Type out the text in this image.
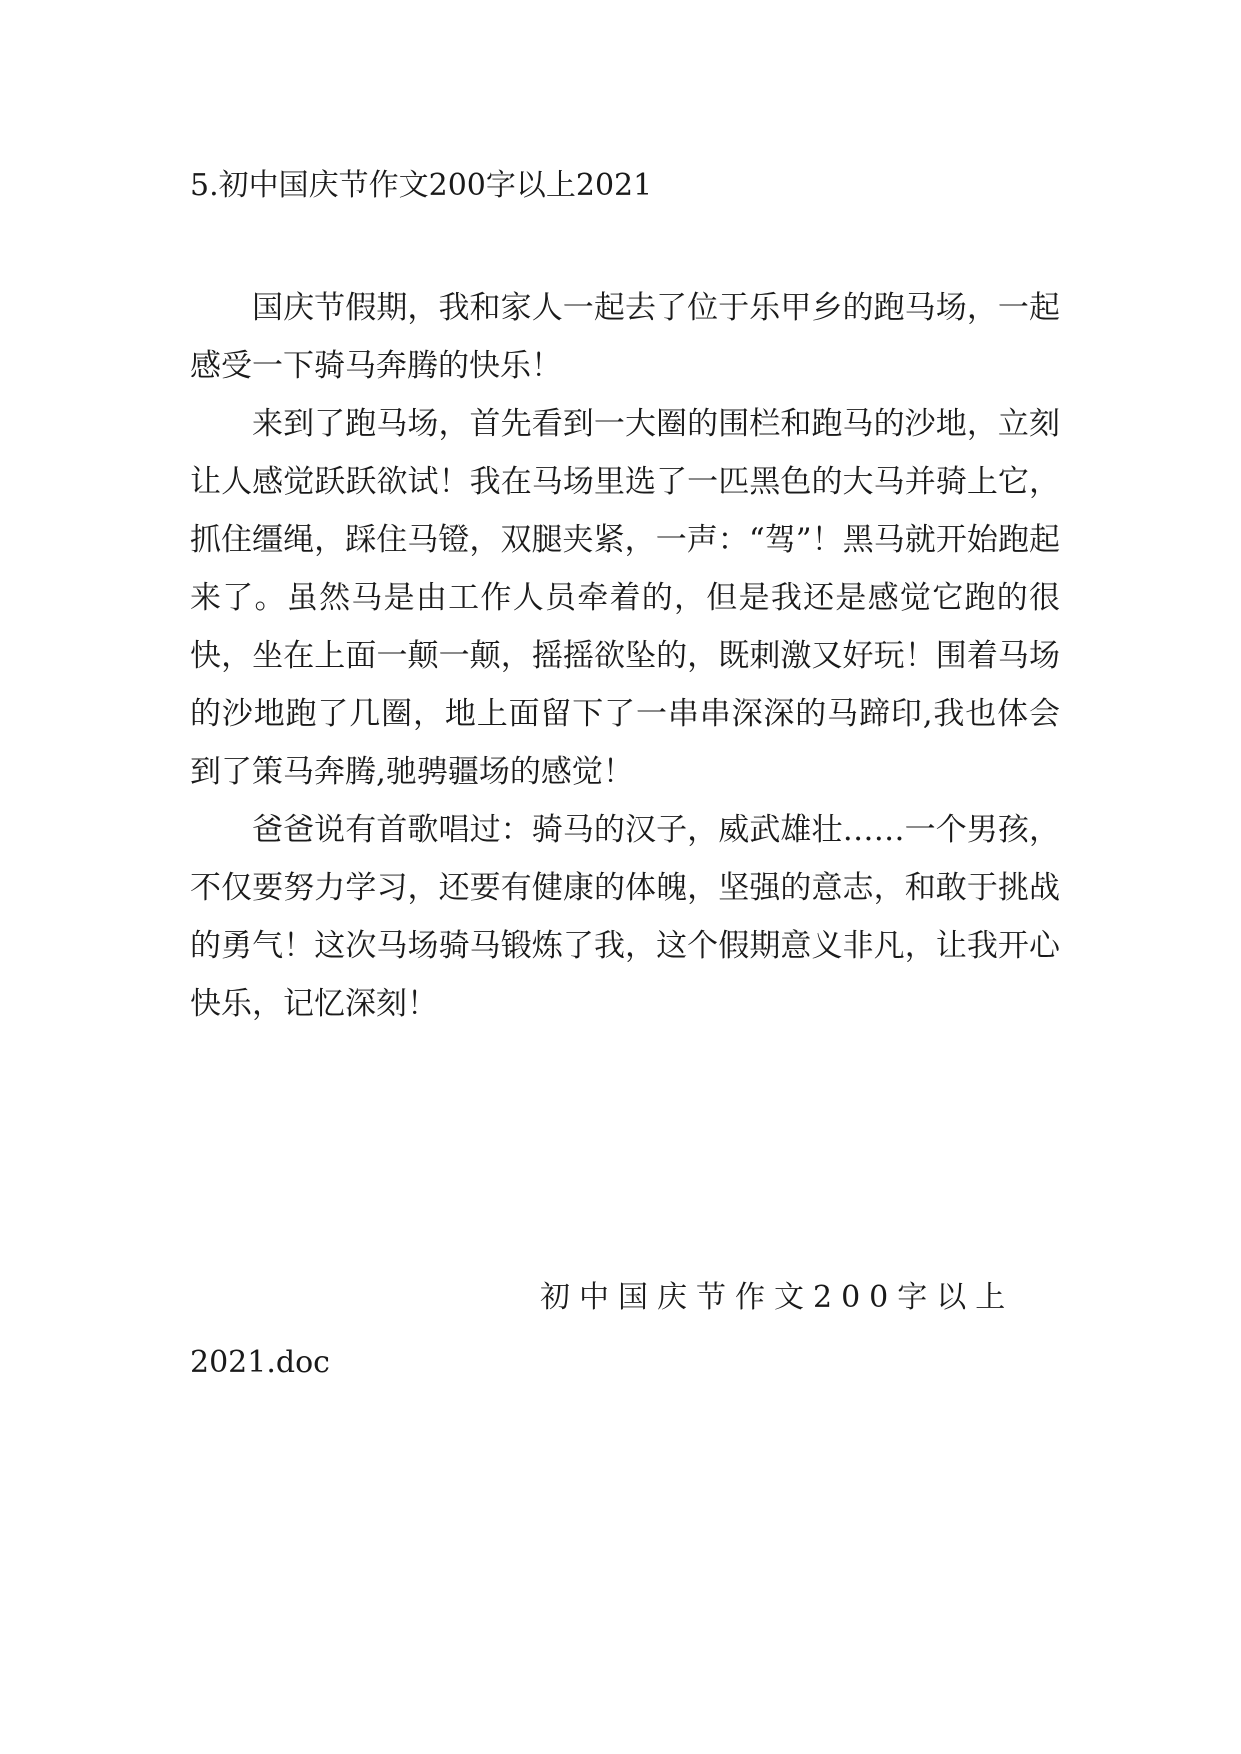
5.初中国庆节作文200字以上2021

国庆节假期，我和家人一起去了位于乐甲乡的跑马场，一起感受一下骑马奔腾的快乐！

来到了跑马场，首先看到一大圈的围栏和跑马的沙地，立刻让人感觉跃跃欲试！我在马场里选了一匹黑色的大马并骑上它，抓住缰绳，踩住马镫，双腿夹紧，一声：“驾”！黑马就开始跑起来了。虽然马是由工作人员牵着的，但是我还是感觉它跑的很快，坐在上面一颠一颠，摇摇欲坠的，既刺激又好玩！围着马场的沙地跑了几圈，地上面留下了一串串深深的马蹄印,我也体会到了策马奔腾,驰骋疆场的感觉！

爸爸说有首歌唱过：骑马的汉子，威武雄壮……一个男孩，不仅要努力学习，还要有健康的体魄，坚强的意志，和敢于挑战的勇气！这次马场骑马锻炼了我，这个假期意义非凡，让我开心快乐，记忆深刻！

初中国庆节作文200字以上
2021.doc
